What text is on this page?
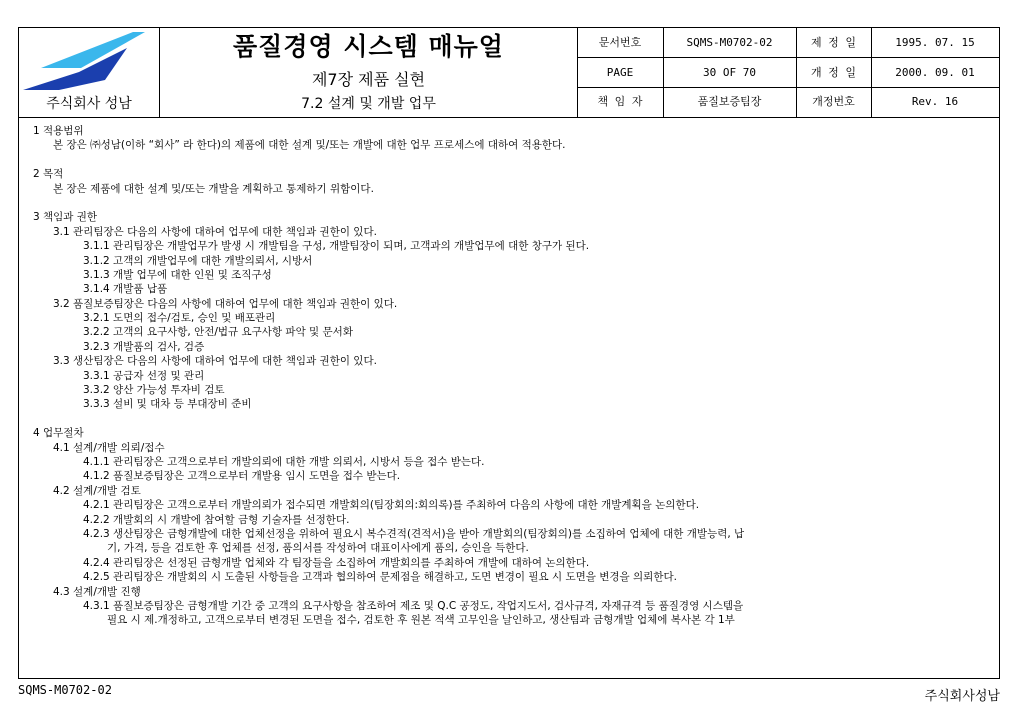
주식회사 성남
품질경영 시스템 매뉴얼
제7장 제품 실현
7.2 설계 및 개발 업무
문서번호	SQMS-M0702-02	제 정 일	1995. 07. 15
PAGE	30 OF 70	개 정 일	2000. 09. 01
책 임 자	품질보증팀장	개정번호	Rev. 16
1 적용범위
본 장은 ㈜성남(이하 “회사” 라 한다)의 제품에 대한 설계 및/또는 개발에 대한 업무 프로세스에 대하여 적용한다.
2 목적
본 장은 제품에 대한 설계 및/또는 개발을 계획하고 통제하기 위함이다.
3 책임과 권한
3.1 관리팀장은 다음의 사항에 대하여 업무에 대한 책임과 권한이 있다.
3.1.1 관리팀장은 개발업무가 발생 시 개발팀을 구성, 개발팀장이 되며, 고객과의 개발업무에 대한 창구가 된다.
3.1.2 고객의 개발업무에 대한 개발의뢰서, 시방서
3.1.3 개발 업무에 대한 인원 및 조직구성
3.1.4 개발품 납품
3.2 품질보증팀장은 다음의 사항에 대하여 업무에 대한 책임과 권한이 있다.
3.2.1 도면의 접수/검토, 승인 및 배포관리
3.2.2 고객의 요구사항, 안전/법규 요구사항 파악 및 문서화
3.2.3 개발품의 검사, 검증
3.3 생산팀장은 다음의 사항에 대하여 업무에 대한 책임과 권한이 있다.
3.3.1 공급자 선정 및 관리
3.3.2 양산 가능성 투자비 검토
3.3.3 설비 및 대차 등 부대장비 준비
4 업무절차
4.1 설계/개발 의뢰/접수
4.1.1 관리팀장은 고객으로부터 개발의뢰에 대한 개발 의뢰서, 시방서 등을 접수 받는다.
4.1.2 품질보증팀장은 고객으로부터 개발용 임시 도면을 접수 받는다.
4.2 설계/개발 검토
4.2.1 관리팀장은 고객으로부터 개발의뢰가 접수되면 개발회의(팀장회의:회의록)를 주최하여 다음의 사항에 대한 개발계획을 논의한다.
4.2.2 개발회의 시 개발에 참여할 금형 기술자를 선정한다.
4.2.3 생산팀장은 금형개발에 대한 업체선정을 위하여 필요시 복수견적(견적서)을 받아 개발회의(팀장회의)를 소집하여 업체에 대한 개발능력, 납
기, 가격, 등을 검토한 후 업체를 선정, 품의서를 작성하여 대표이사에게 품의, 승인을 득한다.
4.2.4 관리팀장은 선정된 금형개발 업체와 각 팀장들을 소집하여 개발회의를 주최하여 개발에 대하여 논의한다.
4.2.5 관리팀장은 개발회의 시 도출된 사항들을 고객과 협의하여 문제점을 해결하고, 도면 변경이 필요 시 도면을 변경을 의뢰한다.
4.3 설계/개발 진행
4.3.1 품질보증팀장은 금형개발 기간 중 고객의 요구사항을 참조하여 제조 및 Q.C 공정도, 작업지도서, 검사규격, 자재규격 등 품질경영 시스템을
필요 시 제.개정하고, 고객으로부터 변경된 도면을 접수, 검토한 후 원본 적색 고무인을 날인하고, 생산팀과 금형개발 업체에 복사본 각 1부
SQMS-M0702-02	주식회사성남
